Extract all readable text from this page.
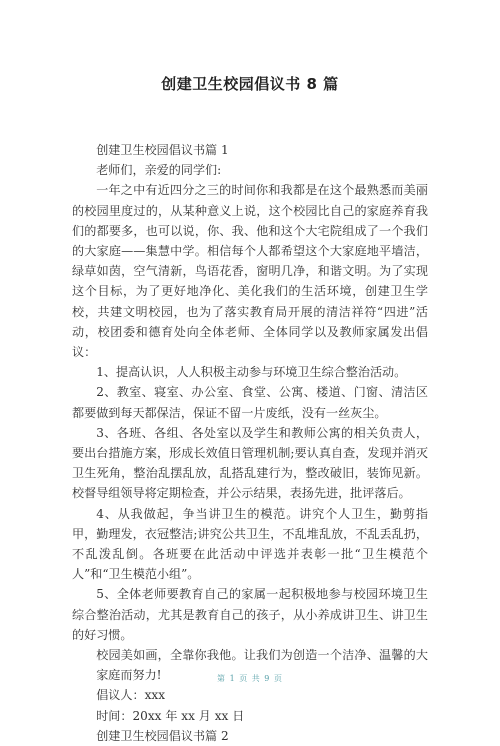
创建卫生校园倡议书 8 篇

创建卫生校园倡议书篇 1

老师们，亲爱的同学们:

一年之中有近四分之三的时间你和我都是在这个最熟悉而美丽的校园里度过的，从某种意义上说，这个校园比自己的家庭养育我们的都要多，也可以说，你、我、他和这个大宅院组成了一个我们的大家庭——集慧中学。相信每个人都希望这个大家庭地平墙洁，绿草如茵，空气清新，鸟语花香，窗明几净，和谐文明。为了实现这个目标，为了更好地净化、美化我们的生活环境，创建卫生学校，共建文明校园，也为了落实教育局开展的清洁祥符“四进”活动，校团委和德育处向全体老师、全体同学以及教师家属发出倡议：

1、提高认识，人人积极主动参与环境卫生综合整治活动。

2、教室、寝室、办公室、食堂、公寓、楼道、门窗、清洁区都要做到每天都保洁，保证不留一片废纸，没有一丝灰尘。

3、各班、各组、各处室以及学生和教师公寓的相关负责人，要出台措施方案，形成长效值日管理机制;要认真自查，发现并消灭卫生死角，整治乱摆乱放，乱搭乱建行为，整改破旧，装饰见新。校督导组领导将定期检查，并公示结果，表扬先进，批评落后。

4、从我做起，争当讲卫生的模范。讲究个人卫生，勤剪指甲，勤理发，衣冠整洁;讲究公共卫生，不乱堆乱放，不乱丢乱扔，不乱泼乱倒。各班要在此活动中评选并表彰一批“卫生模范个人”和“卫生模范小组”。

5、全体老师要教育自己的家属一起积极地参与校园环境卫生综合整治活动，尤其是教育自己的孩子，从小养成讲卫生、讲卫生的好习惯。

校园美如画，全靠你我他。让我们为创造一个洁净、温馨的大家庭而努力!

倡议人：xxx

时间：20xx 年 xx 月 xx 日

创建卫生校园倡议书篇 2

第 1 页 共 9 页
